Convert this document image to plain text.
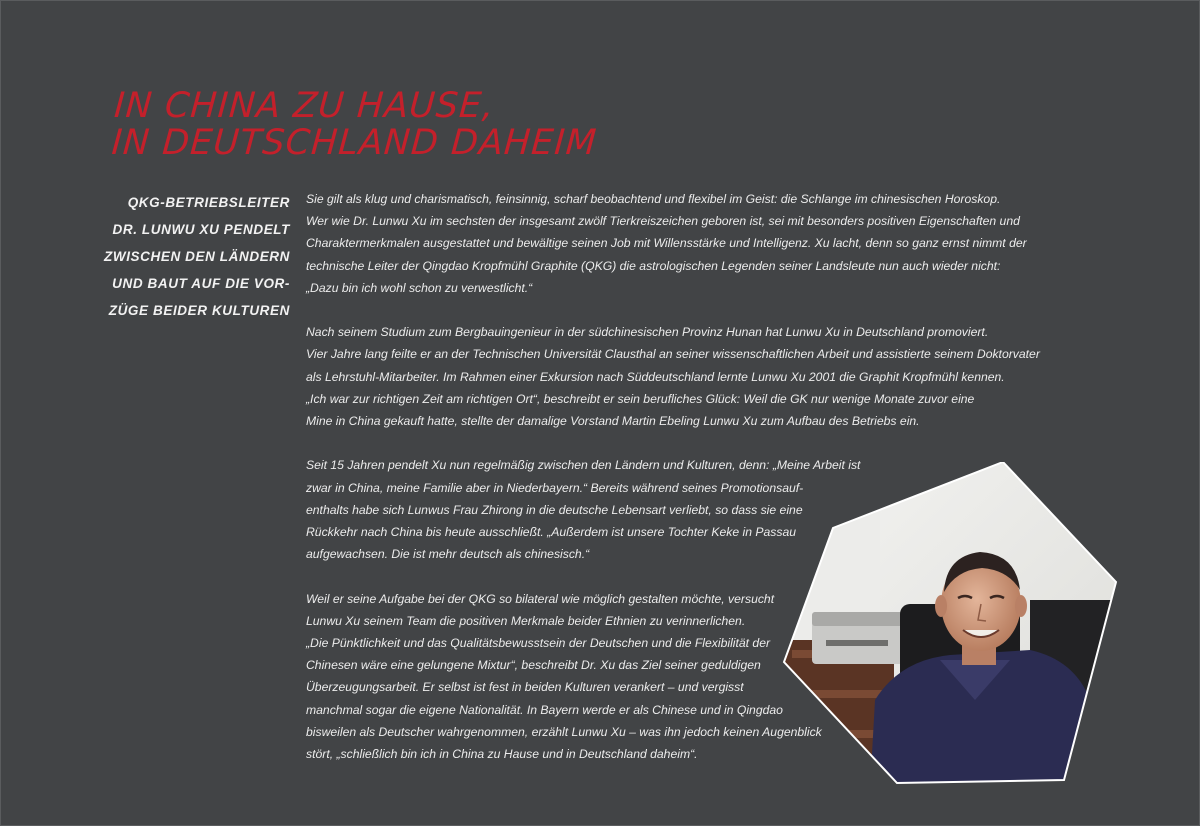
IN CHINA ZU HAUSE,
IN DEUTSCHLAND DAHEIM

QKG-BETRIEBSLEITER
DR. LUNWU XU PENDELT
ZWISCHEN DEN LÄNDERN
UND BAUT AUF DIE VOR-
ZÜGE BEIDER KULTUREN

Sie gilt als klug und charismatisch, feinsinnig, scharf beobachtend und flexibel im Geist: die Schlange im chinesischen Horoskop.
Wer wie Dr. Lunwu Xu im sechsten der insgesamt zwölf Tierkreiszeichen geboren ist, sei mit besonders positiven Eigenschaften und
Charaktermerkmalen ausgestattet und bewältige seinen Job mit Willensstärke und Intelligenz. Xu lacht, denn so ganz ernst nimmt der
technische Leiter der Qingdao Kropfmühl Graphite (QKG) die astrologischen Legenden seiner Landsleute nun auch wieder nicht:
„Dazu bin ich wohl schon zu verwestlicht.“

Nach seinem Studium zum Bergbauingenieur in der südchinesischen Provinz Hunan hat Lunwu Xu in Deutschland promoviert.
Vier Jahre lang feilte er an der Technischen Universität Clausthal an seiner wissenschaftlichen Arbeit und assistierte seinem Doktorvater
als Lehrstuhl-Mitarbeiter. Im Rahmen einer Exkursion nach Süddeutschland lernte Lunwu Xu 2001 die Graphit Kropfmühl kennen.
„Ich war zur richtigen Zeit am richtigen Ort“, beschreibt er sein berufliches Glück: Weil die GK nur wenige Monate zuvor eine
Mine in China gekauft hatte, stellte der damalige Vorstand Martin Ebeling Lunwu Xu zum Aufbau des Betriebs ein.

Seit 15 Jahren pendelt Xu nun regelmäßig zwischen den Ländern und Kulturen, denn: „Meine Arbeit ist
zwar in China, meine Familie aber in Niederbayern.“ Bereits während seines Promotionsauf-
enthalts habe sich Lunwus Frau Zhirong in die deutsche Lebensart verliebt, so dass sie eine
Rückkehr nach China bis heute ausschließt. „Außerdem ist unsere Tochter Keke in Passau
aufgewachsen. Die ist mehr deutsch als chinesisch.“

Weil er seine Aufgabe bei der QKG so bilateral wie möglich gestalten möchte, versucht
Lunwu Xu seinem Team die positiven Merkmale beider Ethnien zu verinnerlichen.
„Die Pünktlichkeit und das Qualitätsbewusstsein der Deutschen und die Flexibilität der
Chinesen wäre eine gelungene Mixtur“, beschreibt Dr. Xu das Ziel seiner geduldigen
Überzeugungsarbeit. Er selbst ist fest in beiden Kulturen verankert – und vergisst
manchmal sogar die eigene Nationalität. In Bayern werde er als Chinese und in Qingdao
bisweilen als Deutscher wahrgenommen, erzählt Lunwu Xu – was ihn jedoch keinen Augenblick
stört, „schließlich bin ich in China zu Hause und in Deutschland daheim“.
